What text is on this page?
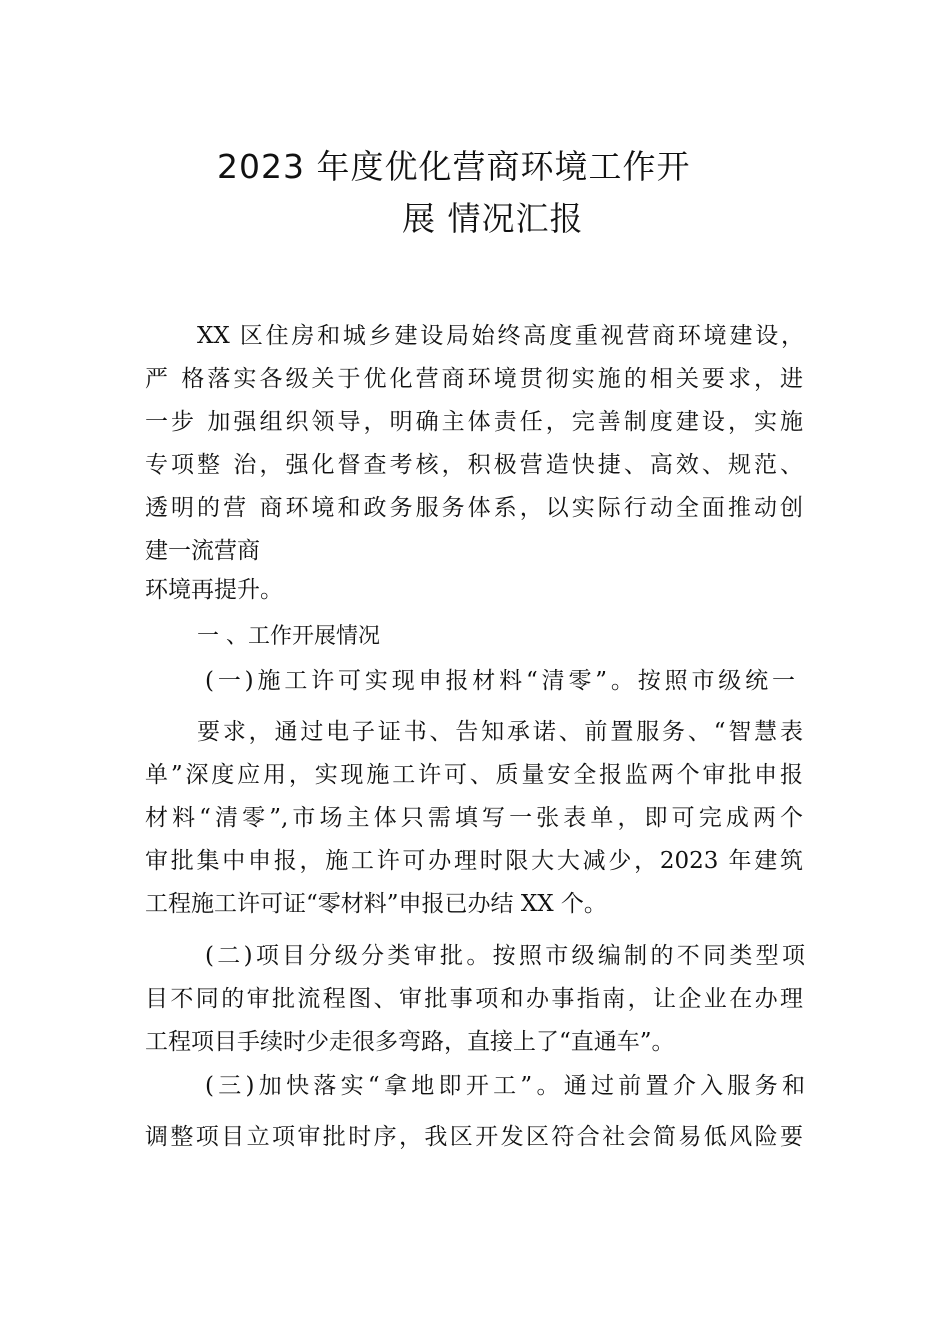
2023 年度优化营商环境工作开
展 情况汇报
XX 区住房和城乡建设局始终高度重视营商环境建设，
严 格落实各级关于优化营商环境贯彻实施的相关要求，进
一步 加强组织领导，明确主体责任，完善制度建设，实施
专项整 治，强化督查考核，积极营造快捷、高效、规范、
透明的营 商环境和政务服务体系，以实际行动全面推动创
建一流营商
环境再提升。
一 、工作开展情况
(一)施工许可实现申报材料“清零”。按照市级统一
要求，通过电子证书、告知承诺、前置服务、“智慧表
单”深度应用，实现施工许可、质量安全报监两个审批申报
材料“清零”,市场主体只需填写一张表单，即可完成两个
审批集中申报，施工许可办理时限大大减少，2023 年建筑
工程施工许可证“零材料”申报已办结 XX 个。
(二)项目分级分类审批。按照市级编制的不同类型项
目不同的审批流程图、审批事项和办事指南，让企业在办理
工程项目手续时少走很多弯路，直接上了“直通车”。
(三)加快落实“拿地即开工”。通过前置介入服务和
调整项目立项审批时序，我区开发区符合社会简易低风险要
